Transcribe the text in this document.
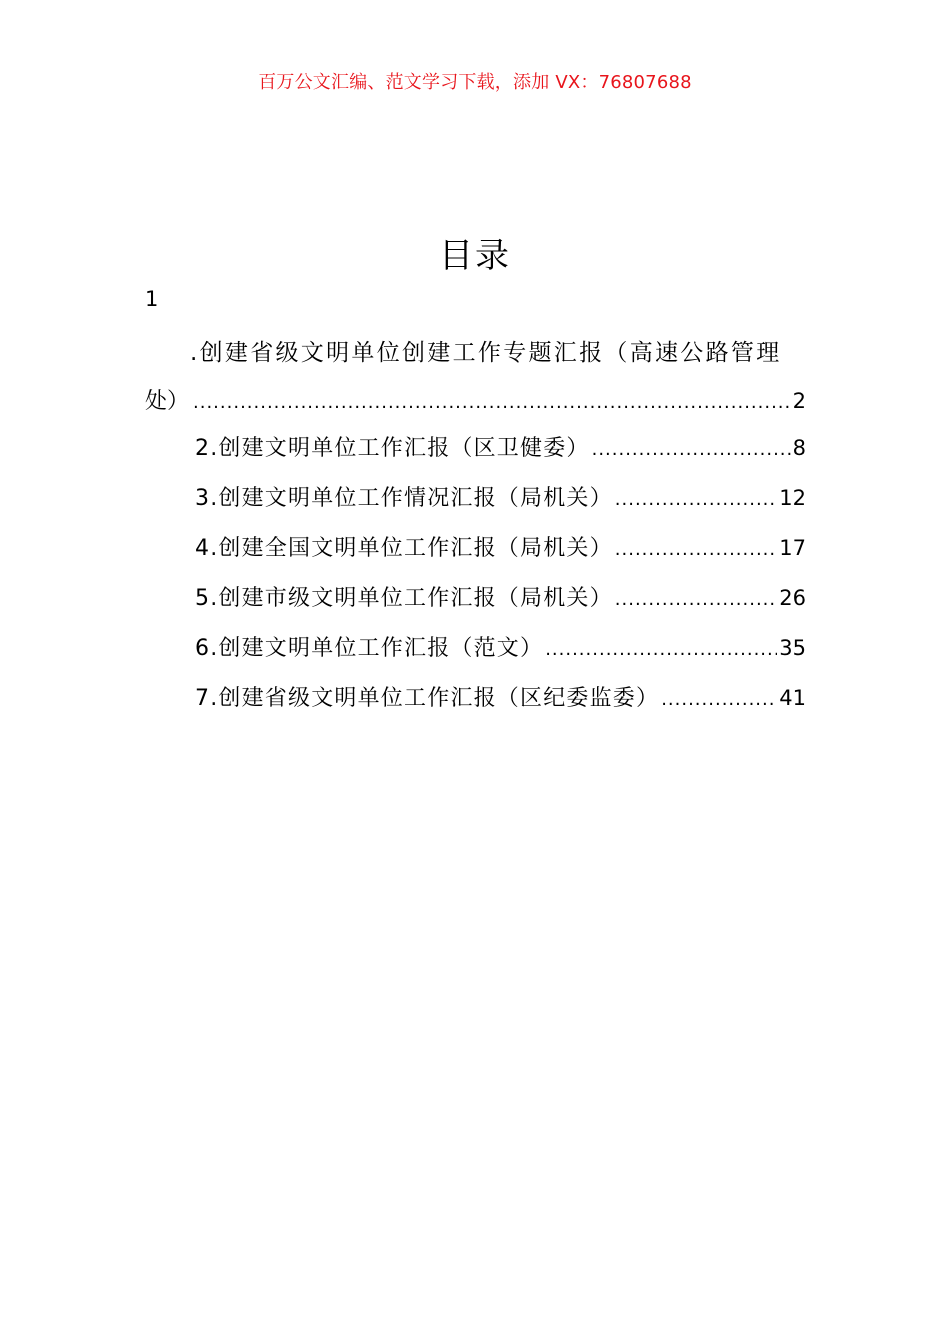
百万公文汇编、范文学习下载，添加 VX：76807688
目录
1
.创建省级文明单位创建工作专题汇报（高速公路管理
处） .....	2
2.创建文明单位工作汇报（区卫健委） .....	8
3.创建文明单位工作情况汇报（局机关） .....	12
4.创建全国文明单位工作汇报（局机关） .....	17
5.创建市级文明单位工作汇报（局机关） .....	26
6.创建文明单位工作汇报（范文） .....	35
7.创建省级文明单位工作汇报（区纪委监委） .....	41
